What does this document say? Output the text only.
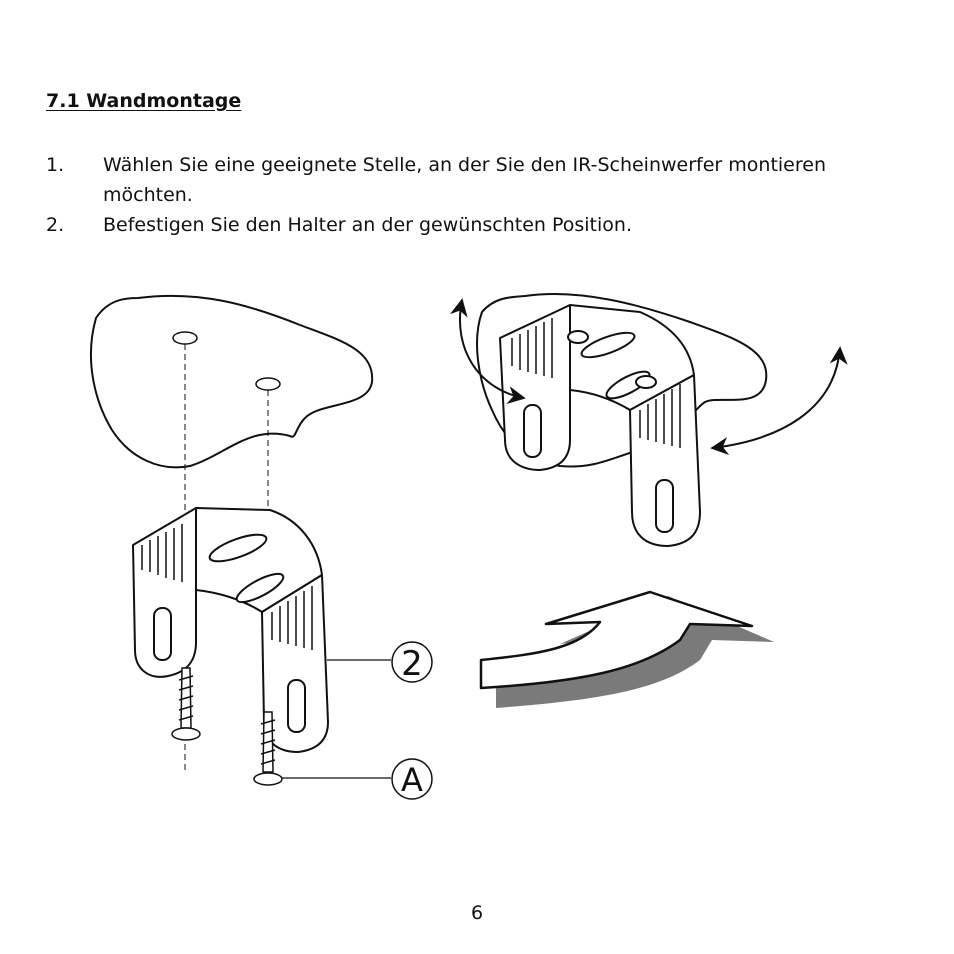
7.1 Wandmontage
1. Wählen Sie eine geeignete Stelle, an der Sie den IR-Scheinwerfer montieren möchten.
2. Befestigen Sie den Halter an der gewünschten Position.
2
A
6
